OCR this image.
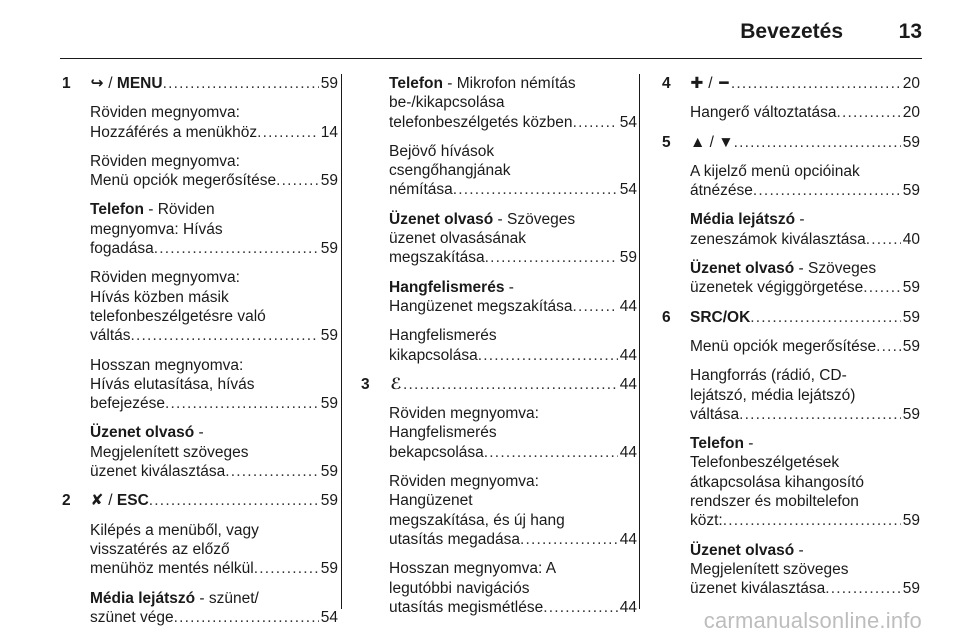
Bevezetés	13
1 ↪ / MENU .....	59
Röviden megnyomva:
Hozzáférés a menükhöz .....	14
Röviden megnyomva:
Menü opciók megerősítése .....	59
Telefon - Röviden
megnyomva: Hívás
fogadása .....	59
Röviden megnyomva:
Hívás közben másik
telefonbeszélgetésre való
váltás .....	59
Hosszan megnyomva:
Hívás elutasítása, hívás
befejezése .....	59
Üzenet olvasó -
Megjelenített szöveges
üzenet kiválasztása .....	59
2 ✘ / ESC .....	59
Kilépés a menüből, vagy
visszatérés az előző
menühöz mentés nélkül .....	59
Média lejátszó - szünet/
szünet vége .....	54
Telefon - Mikrofon némítás
be-/kikapcsolása
telefonbeszélgetés közben .....	54
Bejövő hívások
csengőhangjának
némítása .....	54
Üzenet olvasó - Szöveges
üzenet olvasásának
megszakítása .....	59
Hangfelismerés -
Hangüzenet megszakítása .....	44
Hangfelismerés
kikapcsolása .....	44
3 ℰ .....	44
Röviden megnyomva:
Hangfelismerés
bekapcsolása .....	44
Röviden megnyomva:
Hangüzenet
megszakítása, és új hang
utasítás megadása .....	44
Hosszan megnyomva: A
legutóbbi navigációs
utasítás megismétlése .....	44
4 ✚ / ━ .....	20
Hangerő változtatása .....	20
5 ▲ / ▼ .....	59
A kijelző menü opcióinak
átnézése .....	59
Média lejátszó -
zeneszámok kiválasztása ..... 40
Üzenet olvasó - Szöveges
üzenetek végiggörgetése .....	59
6 SRC/OK .....	59
Menü opciók megerősítése ..... 59
Hangforrás (rádió, CD-
lejátszó, média lejátszó)
váltása .....	59
Telefon -
Telefonbeszélgetések
átkapcsolása kihangosító
rendszer és mobiltelefon
közt: .....	59
Üzenet olvasó -
Megjelenített szöveges
üzenet kiválasztása .....	59
carmanualsonline.info
